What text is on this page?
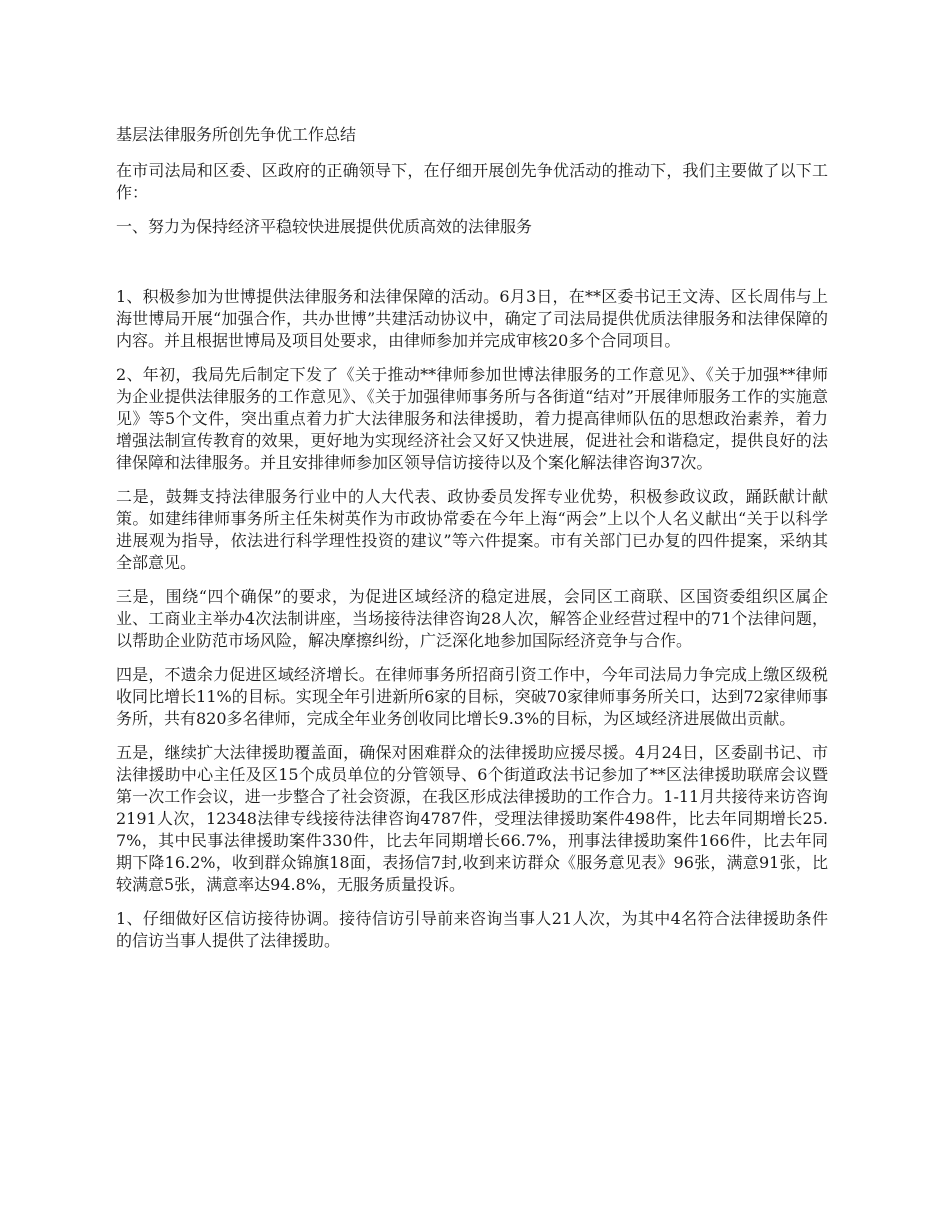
基层法律服务所创先争优工作总结

在市司法局和区委、区政府的正确领导下，在仔细开展创先争优活动的推动下，我们主要做了以下工作：

一、努力为保持经济平稳较快进展提供优质高效的法律服务

1、积极参加为世博提供法律服务和法律保障的活动。6月3日，在**区委书记王文涛、区长周伟与上海世博局开展“加强合作，共办世博”共建活动协议中，确定了司法局提供优质法律服务和法律保障的内容。并且根据世博局及项目处要求，由律师参加并完成审核20多个合同项目。

2、年初，我局先后制定下发了《关于推动**律师参加世博法律服务的工作意见》、《关于加强**律师为企业提供法律服务的工作意见》、《关于加强律师事务所与各街道“结对”开展律师服务工作的实施意见》等5个文件，突出重点着力扩大法律服务和法律援助，着力提高律师队伍的思想政治素养，着力增强法制宣传教育的效果，更好地为实现经济社会又好又快进展，促进社会和谐稳定，提供良好的法律保障和法律服务。并且安排律师参加区领导信访接待以及个案化解法律咨询37次。

二是，鼓舞支持法律服务行业中的人大代表、政协委员发挥专业优势，积极参政议政，踊跃献计献策。如建纬律师事务所主任朱树英作为市政协常委在今年上海“两会”上以个人名义献出“关于以科学进展观为指导，依法进行科学理性投资的建议”等六件提案。市有关部门已办复的四件提案，采纳其全部意见。

三是，围绕“四个确保”的要求，为促进区域经济的稳定进展，会同区工商联、区国资委组织区属企业、工商业主举办4次法制讲座，当场接待法律咨询28人次，解答企业经营过程中的71个法律问题，以帮助企业防范市场风险，解决摩擦纠纷，广泛深化地参加国际经济竞争与合作。

四是，不遗余力促进区域经济增长。在律师事务所招商引资工作中，今年司法局力争完成上缴区级税收同比增长11%的目标。实现全年引进新所6家的目标，突破70家律师事务所关口，达到72家律师事务所，共有820多名律师，完成全年业务创收同比增长9.3%的目标，为区域经济进展做出贡献。

五是，继续扩大法律援助覆盖面，确保对困难群众的法律援助应援尽援。4月24日，区委副书记、市法律援助中心主任及区15个成员单位的分管领导、6个街道政法书记参加了**区法律援助联席会议暨第一次工作会议，进一步整合了社会资源，在我区形成法律援助的工作合力。1-11月共接待来访咨询2191人次，12348法律专线接待法律咨询4787件，受理法律援助案件498件，比去年同期增长25.7%，其中民事法律援助案件330件，比去年同期增长66.7%，刑事法律援助案件166件，比去年同期下降16.2%，收到群众锦旗18面，表扬信7封,收到来访群众《服务意见表》96张，满意91张，比较满意5张，满意率达94.8%，无服务质量投诉。

1、仔细做好区信访接待协调。接待信访引导前来咨询当事人21人次，为其中4名符合法律援助条件的信访当事人提供了法律援助。
